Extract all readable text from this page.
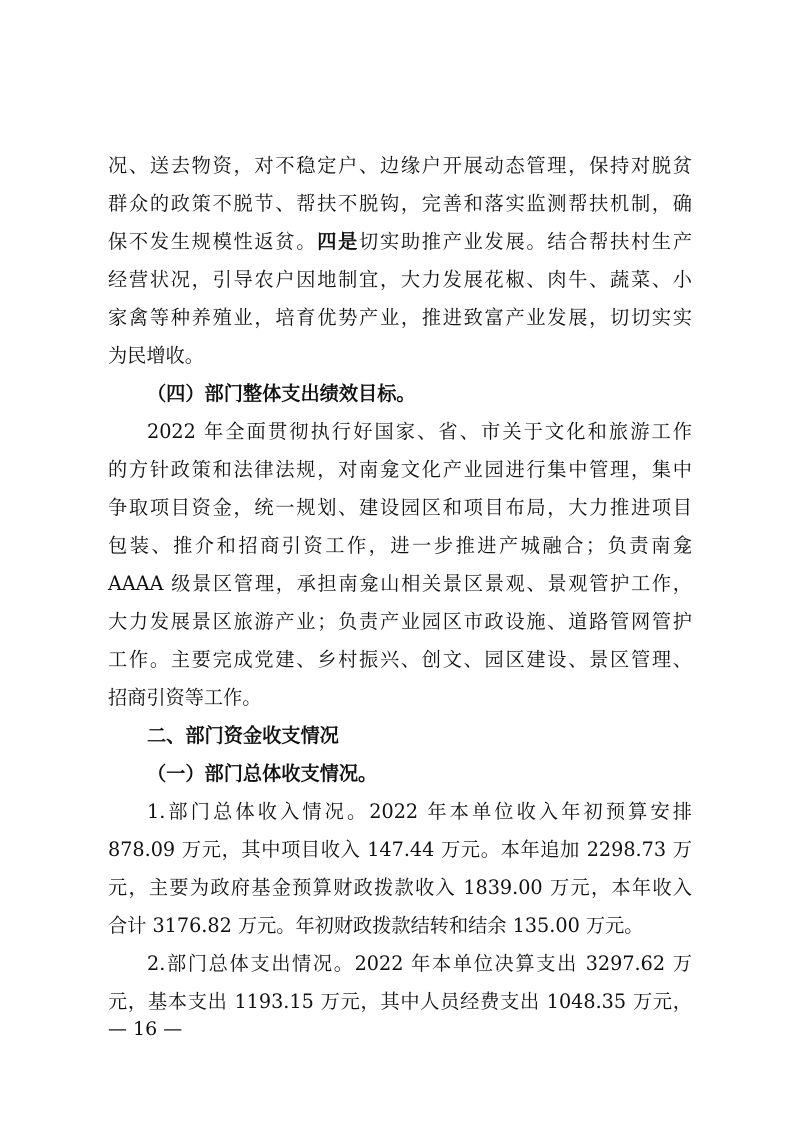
况、送去物资，对不稳定户、边缘户开展动态管理，保持对脱贫
群众的政策不脱节、帮扶不脱钩，完善和落实监测帮扶机制，确
保不发生规模性返贫。四是切实助推产业发展。结合帮扶村生产
经营状况，引导农户因地制宜，大力发展花椒、肉牛、蔬菜、小
家禽等种养殖业，培育优势产业，推进致富产业发展，切切实实
为民增收。
（四）部门整体支出绩效目标。
2022 年全面贯彻执行好国家、省、市关于文化和旅游工作
的方针政策和法律法规，对南龛文化产业园进行集中管理，集中
争取项目资金，统一规划、建设园区和项目布局，大力推进项目
包装、推介和招商引资工作，进一步推进产城融合；负责南龛
AAAA 级景区管理，承担南龛山相关景区景观、景观管护工作，
大力发展景区旅游产业；负责产业园区市政设施、道路管网管护
工作。主要完成党建、乡村振兴、创文、园区建设、景区管理、
招商引资等工作。
二、部门资金收支情况
（一）部门总体收支情况。
1.部门总体收入情况。2022 年本单位收入年初预算安排
878.09 万元，其中项目收入 147.44 万元。本年追加 2298.73 万
元，主要为政府基金预算财政拨款收入 1839.00 万元，本年收入
合计 3176.82 万元。年初财政拨款结转和结余 135.00 万元。
2.部门总体支出情况。2022 年本单位决算支出 3297.62 万
元，基本支出 1193.15 万元，其中人员经费支出 1048.35 万元，
— 16 —
